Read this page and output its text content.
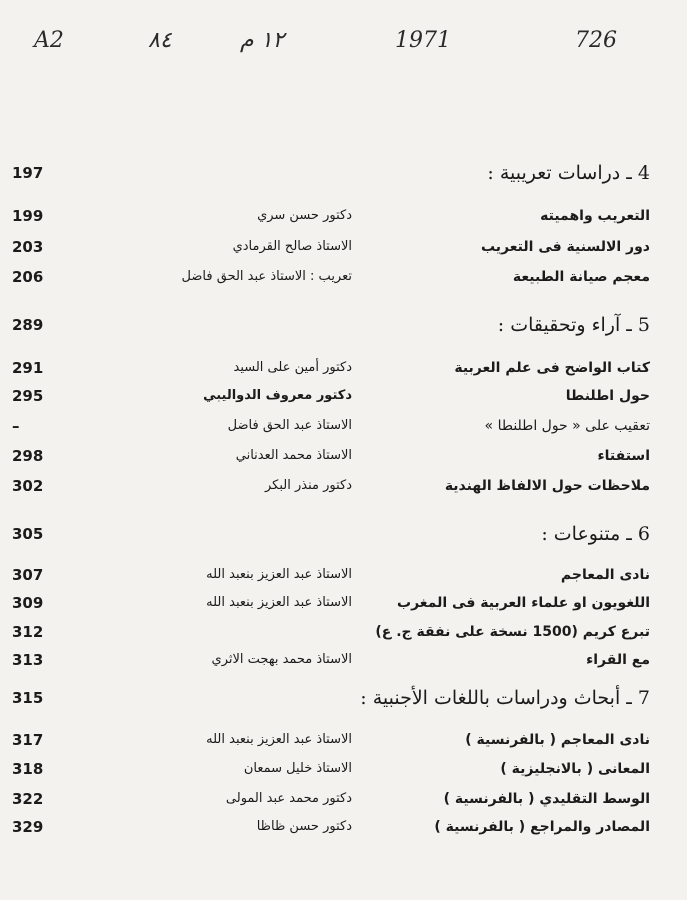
A2	٨٤	١٢ م	1971	726
197	4 ـ دراسات تعريبية :
199	دكتور حسن سري	التعريب واهميته
203	الاستاذ صالح القرمادي	دور الالسنية فى التعريب
206	تعريب : الاستاذ عبد الحق فاضل	معجم صيانة الطبيعة
289	5 ـ آراء وتحقيقات :
291	دكتور أمين على السيد	كتاب الواضح فى علم العربية
295	دكتور معروف الدواليبي	حول اطلنطا
–	الاستاذ عبد الحق فاضل	تعقيب على « حول اطلنطا »
298	الاستاذ محمد العدناني	استفتاء
302	دكتور منذر البكر	ملاحظات حول الالفاظ الهندية
305	6 ـ متنوعات :
307	الاستاذ عبد العزيز بنعبد الله	نادى المعاجم
309	الاستاذ عبد العزيز بنعبد الله	اللغويون او علماء العربية فى المغرب
312	تبرع كريم (1500 نسخة على نفقة ج. ع)
313	الاستاذ محمد بهجت الاثري	مع القراء
315	7 ـ أبحاث ودراسات باللغات الأجنبية :
317	الاستاذ عبد العزيز بنعبد الله	نادى المعاجم ( بالفرنسية )
318	الاستاذ خليل سمعان	المعانى ( بالانجليزية )
322	دكتور محمد عبد المولى	الوسط التقليدي ( بالفرنسية )
329	دكتور حسن ظاظا	المصادر والمراجع ( بالفرنسية )
